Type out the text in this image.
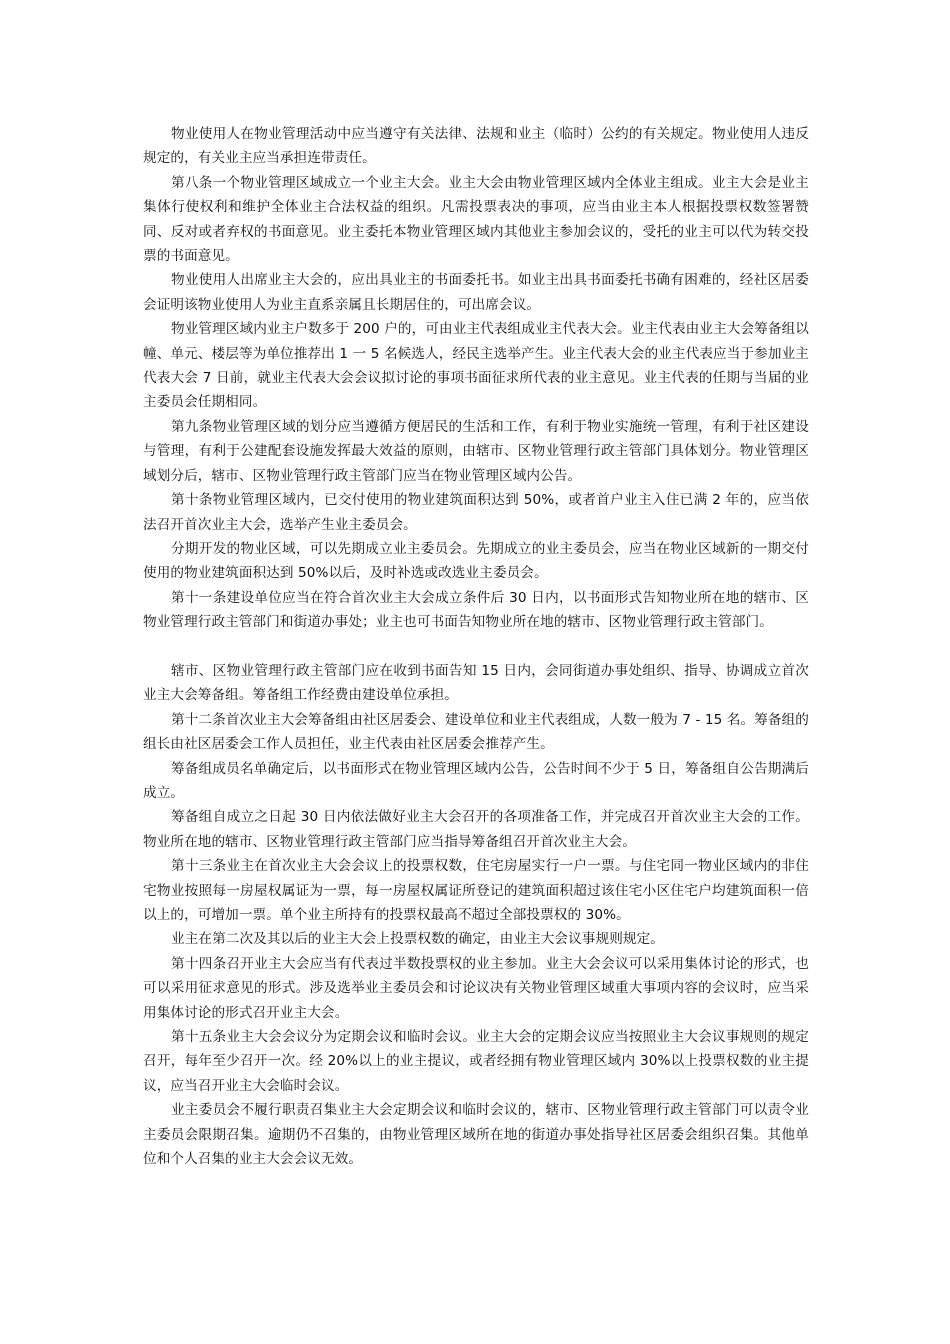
物业使用人在物业管理活动中应当遵守有关法律、法规和业主（临时）公约的有关规定。物业使用人违反规定的，有关业主应当承担连带责任。

第八条一个物业管理区域成立一个业主大会。业主大会由物业管理区域内全体业主组成。业主大会是业主集体行使权利和维护全体业主合法权益的组织。凡需投票表决的事项，应当由业主本人根据投票权数签署赞同、反对或者弃权的书面意见。业主委托本物业管理区域内其他业主参加会议的，受托的业主可以代为转交投票的书面意见。

物业使用人出席业主大会的，应出具业主的书面委托书。如业主出具书面委托书确有困难的，经社区居委会证明该物业使用人为业主直系亲属且长期居住的，可出席会议。

物业管理区域内业主户数多于 200 户的，可由业主代表组成业主代表大会。业主代表由业主大会筹备组以幢、单元、楼层等为单位推荐出 1 一 5 名候选人，经民主选举产生。业主代表大会的业主代表应当于参加业主代表大会 7 日前，就业主代表大会会议拟讨论的事项书面征求所代表的业主意见。业主代表的任期与当届的业主委员会任期相同。

第九条物业管理区域的划分应当遵循方便居民的生活和工作，有利于物业实施统一管理，有利于社区建设与管理，有利于公建配套设施发挥最大效益的原则，由辖市、区物业管理行政主管部门具体划分。物业管理区域划分后，辖市、区物业管理行政主管部门应当在物业管理区域内公告。

第十条物业管理区域内，已交付使用的物业建筑面积达到 50%，或者首户业主入住已满 2 年的，应当依法召开首次业主大会，选举产生业主委员会。

分期开发的物业区域，可以先期成立业主委员会。先期成立的业主委员会，应当在物业区域新的一期交付使用的物业建筑面积达到 50%以后，及时补选或改选业主委员会。

第十一条建设单位应当在符合首次业主大会成立条件后 30 日内，以书面形式告知物业所在地的辖市、区物业管理行政主管部门和街道办事处；业主也可书面告知物业所在地的辖市、区物业管理行政主管部门。

辖市、区物业管理行政主管部门应在收到书面告知 15 日内，会同街道办事处组织、指导、协调成立首次业主大会筹备组。筹备组工作经费由建设单位承担。

第十二条首次业主大会筹备组由社区居委会、建设单位和业主代表组成，人数一般为 7 - 15 名。筹备组的组长由社区居委会工作人员担任，业主代表由社区居委会推荐产生。

筹备组成员名单确定后，以书面形式在物业管理区域内公告，公告时间不少于 5 日，筹备组自公告期满后成立。

筹备组自成立之日起 30 日内依法做好业主大会召开的各项准备工作，并完成召开首次业主大会的工作。物业所在地的辖市、区物业管理行政主管部门应当指导筹备组召开首次业主大会。

第十三条业主在首次业主大会会议上的投票权数，住宅房屋实行一户一票。与住宅同一物业区域内的非住宅物业按照每一房屋权属证为一票，每一房屋权属证所登记的建筑面积超过该住宅小区住宅户均建筑面积一倍以上的，可增加一票。单个业主所持有的投票权最高不超过全部投票权的 30%。

业主在第二次及其以后的业主大会上投票权数的确定，由业主大会议事规则规定。

第十四条召开业主大会应当有代表过半数投票权的业主参加。业主大会会议可以采用集体讨论的形式，也可以采用征求意见的形式。涉及选举业主委员会和讨论议决有关物业管理区域重大事项内容的会议时，应当采用集体讨论的形式召开业主大会。

第十五条业主大会会议分为定期会议和临时会议。业主大会的定期会议应当按照业主大会议事规则的规定召开，每年至少召开一次。经 20%以上的业主提议，或者经拥有物业管理区域内 30%以上投票权数的业主提议，应当召开业主大会临时会议。

业主委员会不履行职责召集业主大会定期会议和临时会议的，辖市、区物业管理行政主管部门可以责令业主委员会限期召集。逾期仍不召集的，由物业管理区域所在地的街道办事处指导社区居委会组织召集。其他单位和个人召集的业主大会会议无效。
